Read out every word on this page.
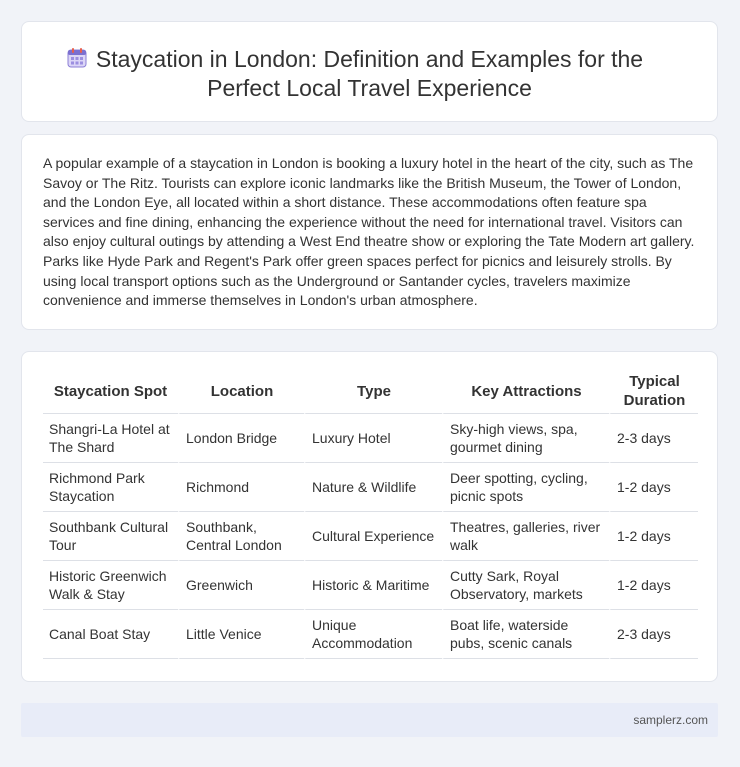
Staycation in London: Definition and Examples for the
Perfect Local Travel Experience

A popular example of a staycation in London is booking a luxury hotel in the heart of the city, such as The Savoy or The Ritz. Tourists can explore iconic landmarks like the British Museum, the Tower of London, and the London Eye, all located within a short distance. These accommodations often feature spa services and fine dining, enhancing the experience without the need for international travel. Visitors can also enjoy cultural outings by attending a West End theatre show or exploring the Tate Modern art gallery. Parks like Hyde Park and Regent's Park offer green spaces perfect for picnics and leisurely strolls. By using local transport options such as the Underground or Santander cycles, travelers maximize convenience and immerse themselves in London's urban atmosphere.

Staycation Spot	Location	Type	Key Attractions	Typical Duration
Shangri-La Hotel at The Shard	London Bridge	Luxury Hotel	Sky-high views, spa, gourmet dining	2-3 days
Richmond Park Staycation	Richmond	Nature & Wildlife	Deer spotting, cycling, picnic spots	1-2 days
Southbank Cultural Tour	Southbank, Central London	Cultural Experience	Theatres, galleries, river walk	1-2 days
Historic Greenwich Walk & Stay	Greenwich	Historic & Maritime	Cutty Sark, Royal Observatory, markets	1-2 days
Canal Boat Stay	Little Venice	Unique Accommodation	Boat life, waterside pubs, scenic canals	2-3 days
samplerz.com
